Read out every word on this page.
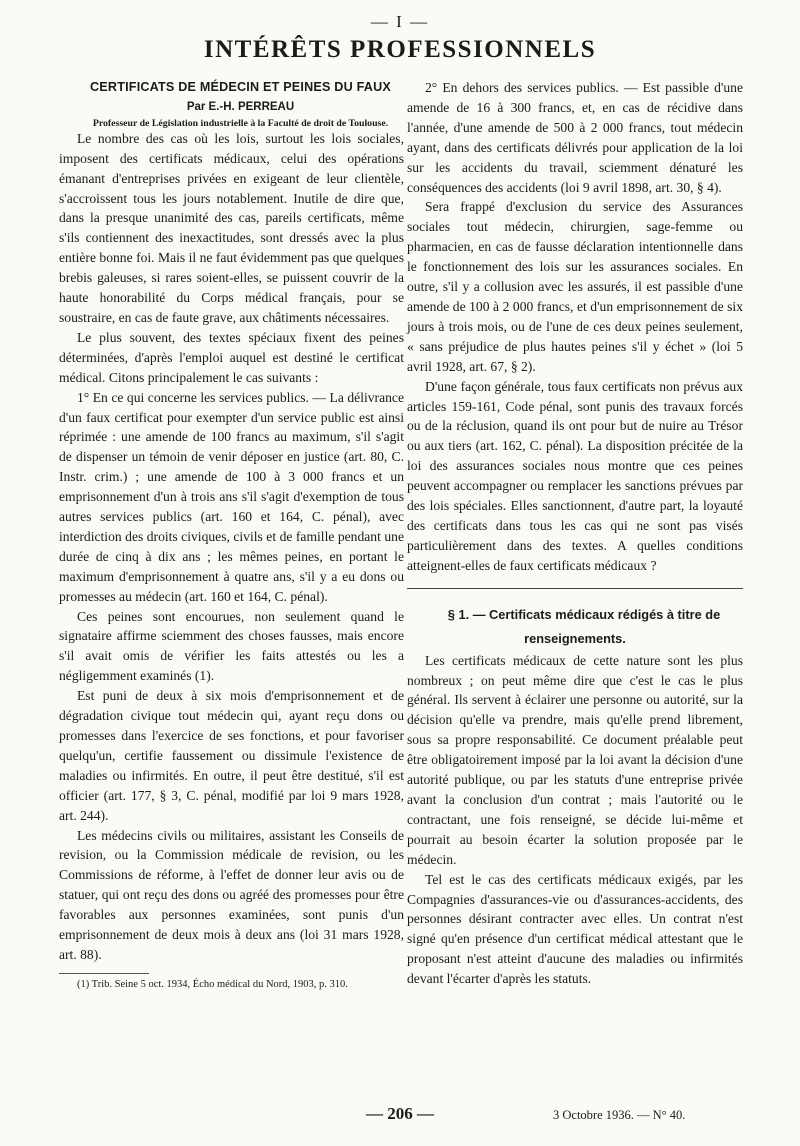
— I —
INTÉRÊTS PROFESSIONNELS

CERTIFICATS DE MÉDECIN ET PEINES DU FAUX

Par E.-H. PERREAU

Professeur de Législation industrielle à la Faculté de droit de Toulouse.

Le nombre des cas où les lois, surtout les lois sociales, imposent des certificats médicaux, celui des opérations émanant d'entreprises privées en exigeant de leur clientèle, s'accroissent tous les jours notablement. Inutile de dire que, dans la presque unanimité des cas, pareils certificats, même s'ils contiennent des inexactitudes, sont dressés avec la plus entière bonne foi. Mais il ne faut évidemment pas que quelques brebis galeuses, si rares soient-elles, se puissent couvrir de la haute honorabilité du Corps médical français, pour se soustraire, en cas de faute grave, aux châtiments nécessaires.

Le plus souvent, des textes spéciaux fixent des peines déterminées, d'après l'emploi auquel est destiné le certificat médical. Citons principalement le cas suivants :

1° En ce qui concerne les services publics. — La délivrance d'un faux certificat pour exempter d'un service public est ainsi réprimée : une amende de 100 francs au maximum, s'il s'agit de dispenser un témoin de venir déposer en justice (art. 80, C. Instr. crim.) ; une amende de 100 à 3 000 francs et un emprisonnement d'un à trois ans s'il s'agit d'exemption de tous autres services publics (art. 160 et 164, C. pénal), avec interdiction des droits civiques, civils et de famille pendant une durée de cinq à dix ans ; les mêmes peines, en portant le maximum d'emprisonnement à quatre ans, s'il y a eu dons ou promesses au médecin (art. 160 et 164, C. pénal).

Ces peines sont encourues, non seulement quand le signataire affirme sciemment des choses fausses, mais encore s'il avait omis de vérifier les faits attestés ou les a négligemment examinés (1).

Est puni de deux à six mois d'emprisonnement et de dégradation civique tout médecin qui, ayant reçu dons ou promesses dans l'exercice de ses fonctions, et pour favoriser quelqu'un, certifie faussement ou dissimule l'existence de maladies ou infirmités. En outre, il peut être destitué, s'il est officier (art. 177, § 3, C. pénal, modifié par loi 9 mars 1928, art. 244).

Les médecins civils ou militaires, assistant les Conseils de revision, ou la Commission médicale de revision, ou les Commissions de réforme, à l'effet de donner leur avis ou de statuer, qui ont reçu des dons ou agréé des promesses pour être favorables aux personnes examinées, sont punis d'un emprisonnement de deux mois à deux ans (loi 31 mars 1928, art. 88).

(1) Trib. Seine 5 oct. 1934, Écho médical du Nord, 1903, p. 310.

2° En dehors des services publics. — Est passible d'une amende de 16 à 300 francs, et, en cas de récidive dans l'année, d'une amende de 500 à 2 000 francs, tout médecin ayant, dans des certificats délivrés pour application de la loi sur les accidents du travail, sciemment dénaturé les conséquences des accidents (loi 9 avril 1898, art. 30, § 4).

Sera frappé d'exclusion du service des Assurances sociales tout médecin, chirurgien, sage-femme ou pharmacien, en cas de fausse déclaration intentionnelle dans le fonctionnement des lois sur les assurances sociales. En outre, s'il y a collusion avec les assurés, il est passible d'une amende de 100 à 2 000 francs, et d'un emprisonnement de six jours à trois mois, ou de l'une de ces deux peines seulement, « sans préjudice de plus hautes peines s'il y échet » (loi 5 avril 1928, art. 67, § 2).

D'une façon générale, tous faux certificats non prévus aux articles 159-161, Code pénal, sont punis des travaux forcés ou de la réclusion, quand ils ont pour but de nuire au Trésor ou aux tiers (art. 162, C. pénal). La disposition précitée de la loi des assurances sociales nous montre que ces peines peuvent accompagner ou remplacer les sanctions prévues par des lois spéciales. Elles sanctionnent, d'autre part, la loyauté des certificats dans tous les cas qui ne sont pas visés particulièrement dans des textes. A quelles conditions atteignent-elles de faux certificats médicaux ?

§ 1. — Certificats médicaux rédigés à titre de renseignements.

Les certificats médicaux de cette nature sont les plus nombreux ; on peut même dire que c'est le cas le plus général. Ils servent à éclairer une personne ou autorité, sur la décision qu'elle va prendre, mais qu'elle prend librement, sous sa propre responsabilité. Ce document préalable peut être obligatoirement imposé par la loi avant la décision d'une autorité publique, ou par les statuts d'une entreprise privée avant la conclusion d'un contrat ; mais l'autorité ou le contractant, une fois renseigné, se décide lui-même et pourrait au besoin écarter la solution proposée par le médecin.

Tel est le cas des certificats médicaux exigés, par les Compagnies d'assurances-vie ou d'assurances-accidents, des personnes désirant contracter avec elles. Un contrat n'est signé qu'en présence d'un certificat médical attestant que le proposant n'est atteint d'aucune des maladies ou infirmités devant l'écarter d'après les statuts.

— 206 —	3 Octobre 1936. — N° 40.
